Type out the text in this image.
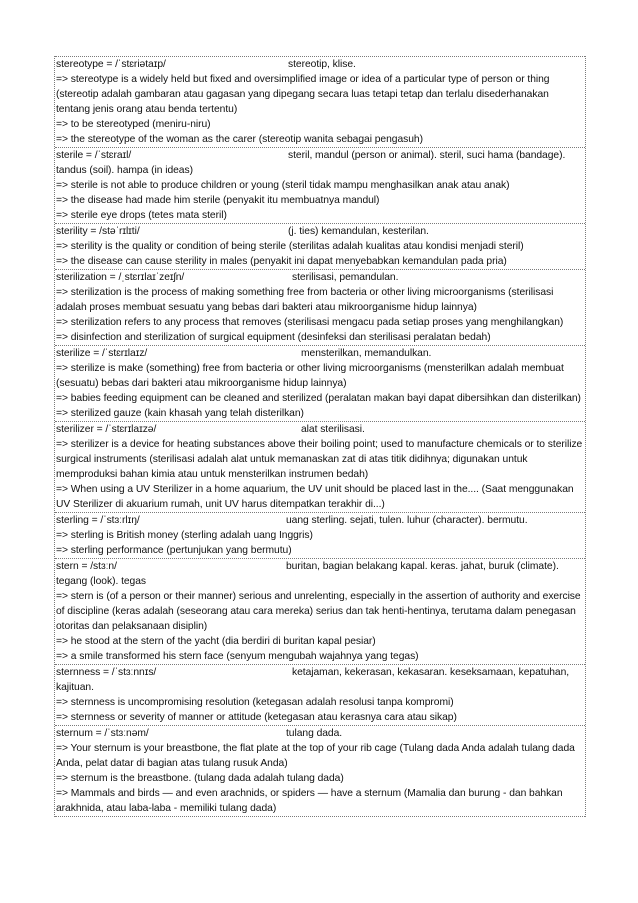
stereotype = /ˈstɛriətaɪp/	stereotip, klise.
=> stereotype is a widely held but fixed and oversimplified image or idea of a particular type of person or thing (stereotip adalah gambaran atau gagasan yang dipegang secara luas tetapi tetap dan terlalu disederhanakan tentang jenis orang atau benda tertentu)
=> to be stereotyped (meniru-niru)
=> the stereotype of the woman as the carer (stereotip wanita sebagai pengasuh)
sterile = /ˈstɛraɪl/	steril, mandul (person or animal). steril, suci hama (bandage). tandus (soil). hampa (in ideas)
=> sterile is not able to produce children or young (steril tidak mampu menghasilkan anak atau anak)
=> the disease had made him sterile (penyakit itu membuatnya mandul)
=> sterile eye drops (tetes mata steril)
sterility = /stəˈrɪlɪti/	(j. ties) kemandulan, kesterilan.
=> sterility is the quality or condition of being sterile (sterilitas adalah kualitas atau kondisi menjadi steril)
=> the disease can cause sterility in males (penyakit ini dapat menyebabkan kemandulan pada pria)
sterilization = /ˌstɛrɪlaɪˈzeɪʃn/	sterilisasi, pemandulan.
=> sterilization is the process of making something free from bacteria or other living microorganisms (sterilisasi adalah proses membuat sesuatu yang bebas dari bakteri atau mikroorganisme hidup lainnya)
=> sterilization refers to any process that removes (sterilisasi mengacu pada setiap proses yang menghilangkan)
=> disinfection and sterilization of surgical equipment (desinfeksi dan sterilisasi peralatan bedah)
sterilize = /ˈstɛrɪlaɪz/	mensterilkan, memandulkan.
=> sterilize is make (something) free from bacteria or other living microorganisms (mensterilkan adalah membuat (sesuatu) bebas dari bakteri atau mikroorganisme hidup lainnya)
=> babies feeding equipment can be cleaned and sterilized (peralatan makan bayi dapat dibersihkan dan disterilkan)
=> sterilized gauze (kain khasah yang telah disterilkan)
sterilizer = /ˈstɛrɪlaɪzə/	alat sterilisasi.
=> sterilizer is a device for heating substances above their boiling point; used to manufacture chemicals or to sterilize surgical instruments (sterilisasi adalah alat untuk memanaskan zat di atas titik didihnya; digunakan untuk memproduksi bahan kimia atau untuk mensterilkan instrumen bedah)
=> When using a UV Sterilizer in a home aquarium, the UV unit should be placed last in the.... (Saat menggunakan UV Sterilizer di akuarium rumah, unit UV harus ditempatkan terakhir di...)
sterling = /ˈstɜːrlɪŋ/	uang sterling. sejati, tulen. luhur (character). bermutu.
=> sterling is British money (sterling adalah uang Inggris)
=> sterling performance (pertunjukan yang bermutu)
stern = /stɜːn/	buritan, bagian belakang kapal. keras. jahat, buruk (climate). tegang (look). tegas
=> stern is (of a person or their manner) serious and unrelenting, especially in the assertion of authority and exercise of discipline (keras adalah (seseorang atau cara mereka) serius dan tak henti-hentinya, terutama dalam penegasan otoritas dan pelaksanaan disiplin)
=> he stood at the stern of the yacht (dia berdiri di buritan kapal pesiar)
=> a smile transformed his stern face (senyum mengubah wajahnya yang tegas)
sternness = /ˈstɜːnnɪs/	ketajaman, kekerasan, kekasaran. keseksamaan, kepatuhan, kajituan.
=> sternness is uncompromising resolution (ketegasan adalah resolusi tanpa kompromi)
=> sternness or severity of manner or attitude (ketegasan atau kerasnya cara atau sikap)
sternum = /ˈstɜːnəm/	tulang dada.
=> Your sternum is your breastbone, the flat plate at the top of your rib cage (Tulang dada Anda adalah tulang dada Anda, pelat datar di bagian atas tulang rusuk Anda)
=> sternum is the breastbone. (tulang dada adalah tulang dada)
=> Mammals and birds — and even arachnids, or spiders — have a sternum (Mamalia dan burung - dan bahkan arakhnida, atau laba-laba - memiliki tulang dada)
